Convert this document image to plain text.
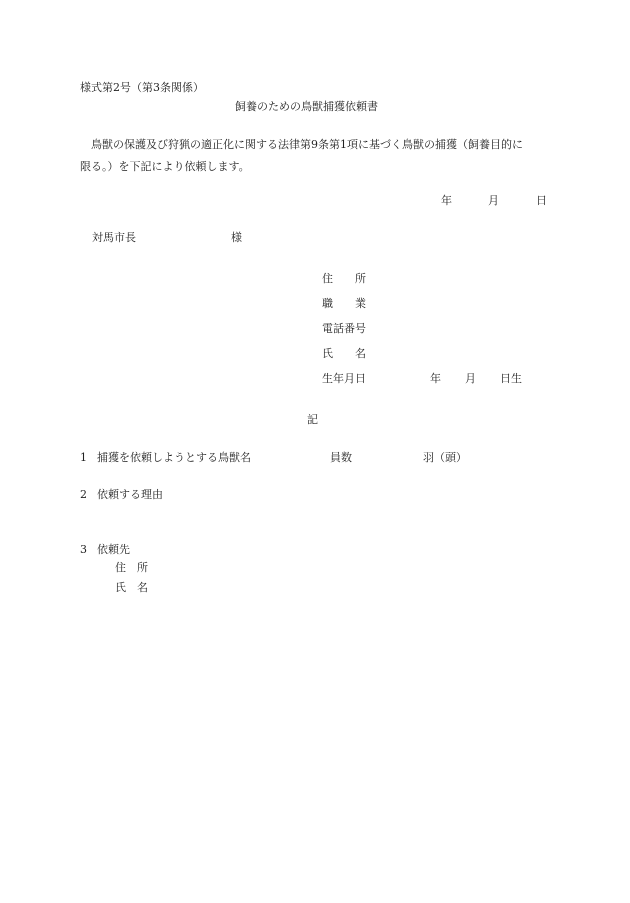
様式第2号（第3条関係）
飼養のための鳥獣捕獲依頼書
　鳥獣の保護及び狩猟の適正化に関する法律第9条第1項に基づく鳥獣の捕獲（飼養目的に
限る。）を下記により依頼します。
年	月	日
対馬市長	様
住　　所
職　　業
電話番号
氏　　名
生年月日	年 月 日生
記
1 捕獲を依頼しようとする鳥獣名	員数	羽（頭）
2 依頼する理由
3 依頼先
住　所
氏　名
